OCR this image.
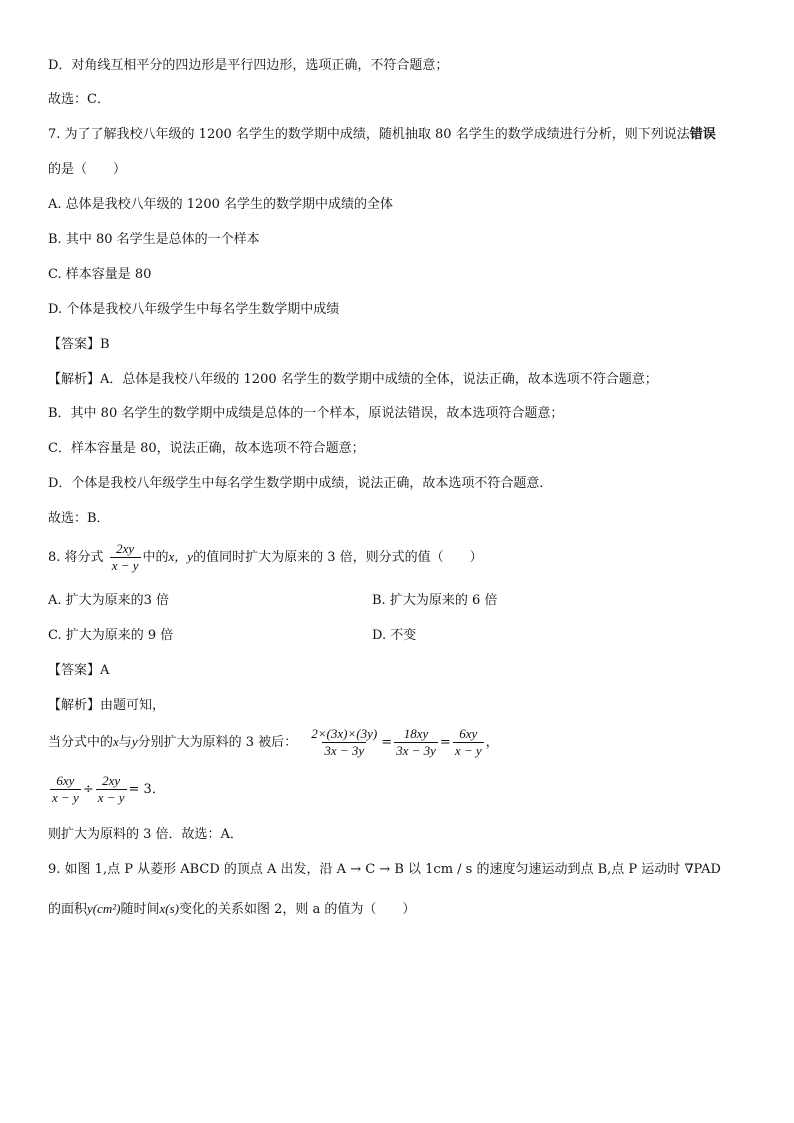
D．对角线互相平分的四边形是平行四边形，选项正确，不符合题意；
故选：C．
7. 为了了解我校八年级的 1200 名学生的数学期中成绩，随机抽取 80 名学生的数学成绩进行分析，则下列说法错误
的是（　　）
A. 总体是我校八年级的 1200 名学生的数学期中成绩的全体
B. 其中 80 名学生是总体的一个样本
C. 样本容量是 80
D. 个体是我校八年级学生中每名学生数学期中成绩
【答案】B
【解析】A．总体是我校八年级的 1200 名学生的数学期中成绩的全体，说法正确，故本选项不符合题意；
B．其中 80 名学生的数学期中成绩是总体的一个样本，原说法错误，故本选项符合题意；
C．样本容量是 80，说法正确，故本选项不符合题意；
D．个体是我校八年级学生中每名学生数学期中成绩，说法正确，故本选项不符合题意．
故选：B．
8. 将分式 $\frac{2xy}{x - y}$ 中的x，y的值同时扩大为原来的 3 倍，则分式的值（　　）
A. 扩大为原来的3 倍	B. 扩大为原来的 6 倍
C. 扩大为原来的 9 倍	D. 不变
【答案】A
【解析】由题可知，
当分式中的x与y分别扩大为原料的 3 被后： $\frac{2\times(3x)\times(3y)}{3x - 3y} = \frac{18xy}{3x - 3y} = \frac{6xy}{x - y}$ ，
$\frac{6xy}{x - y} \div \frac{2xy}{x - y} = 3$．
则扩大为原料的 3 倍．故选：A．
9. 如图 1,点 P 从菱形 ABCD 的顶点 A 出发，沿 A → C → B 以 1cm / s 的速度匀速运动到点 B,点 P 运动时 ∇PAD
的面积y(cm²)随时间x(s)变化的关系如图 2，则 a 的值为（　　）
